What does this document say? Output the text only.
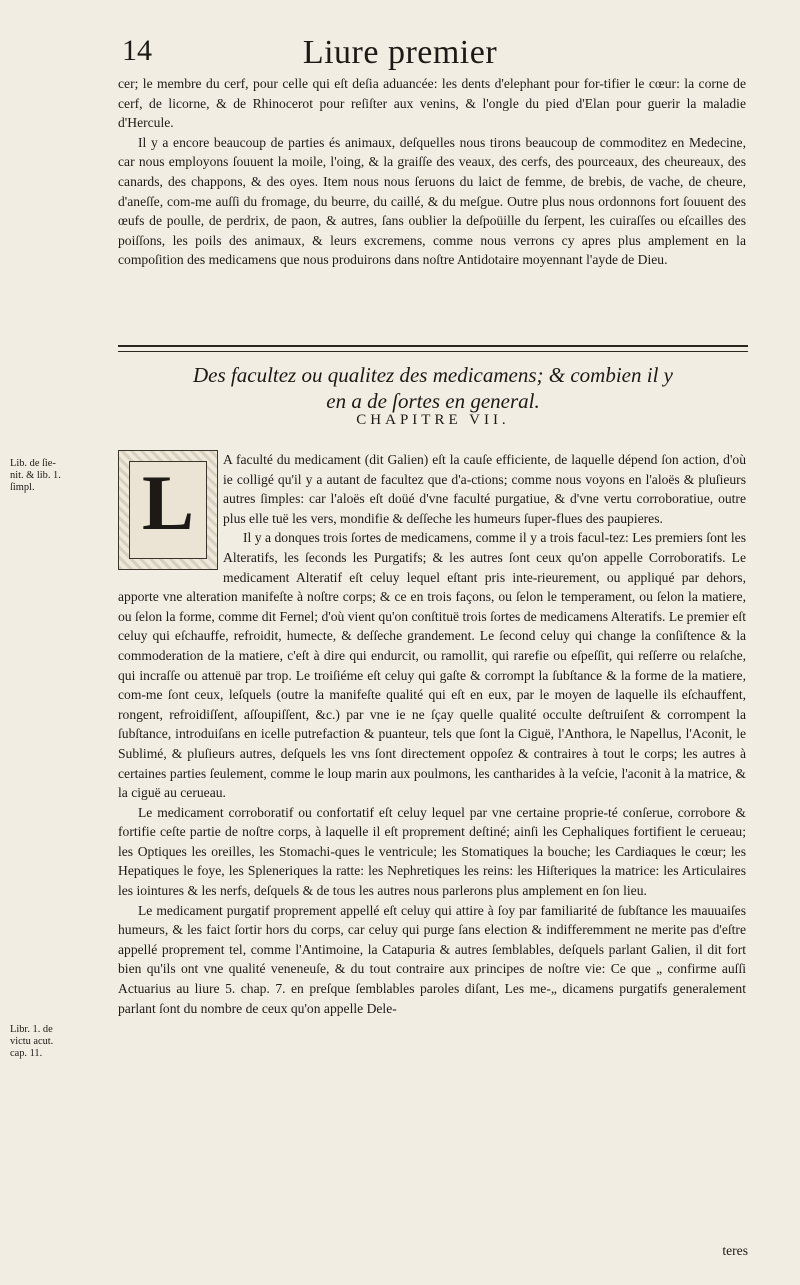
Liure premier
14

cer; le membre du cerf, pour celle qui eſt deſia aduancée: les dents d'elephant pour for-tifier le cœur: la corne de cerf, de licorne, & de Rhinocerot pour reſiſter aux venins, & l'ongle du pied d'Elan pour guerir la maladie d'Hercule.

Il y a encore beaucoup de parties és animaux, deſquelles nous tirons beaucoup de commoditez en Medecine, car nous employons ſouuent la moile, l'oing, & la graiſſe des veaux, des cerfs, des pourceaux, des cheureaux, des canards, des chappons, & des oyes. Item nous nous ſeruons du laict de femme, de brebis, de vache, de cheure, d'aneſſe, com-me auſſi du fromage, du beurre, du caillé, & du meſgue. Outre plus nous ordonnons fort ſouuent des œufs de poulle, de perdrix, de paon, & autres, ſans oublier la deſpoüille du ſerpent, les cuiraſſes ou eſcailles des poiſſons, les poils des animaux, & leurs excremens, comme nous verrons cy apres plus amplement en la compoſition des medicamens que nous produirons dans noſtre Antidotaire moyennant l'ayde de Dieu.

Des facultez ou qualitez des medicamens; & combien il y
en a de ſortes en general.
CHAPITRE VII.
Lib. de ſie-nit. & lib. 1. ſimpl.
Libr. 1. de victu acut. cap. 11.
L	A faculté du medicament (dit Galien) eſt la cauſe efficiente, de laquelle dépend ſon action, d'où ie colligé qu'il y a autant de facultez que d'a-ctions; comme nous voyons en l'aloës & pluſieurs autres ſimples: car l'aloës eſt doüé d'vne faculté purgatiue, & d'vne vertu corroboratiue, outre plus elle tuë les vers, mondifie & deſſeche les humeurs ſuper-flues des paupieres.

Il y a donques trois ſortes de medicamens, comme il y a trois facul-tez: Les premiers ſont les Alteratifs, les ſeconds les Purgatifs; & les autres ſont ceux qu'on appelle Corroboratifs. Le medicament Alteratif eſt celuy lequel eſtant pris inte-rieurement, ou appliqué par dehors, apporte vne alteration manifeſte à noſtre corps; & ce en trois façons, ou ſelon le temperament, ou ſelon la matiere, ou ſelon la forme, comme dit Fernel; d'où vient qu'on conſtituë trois ſortes de medicamens Alteratifs. Le premier eſt celuy qui eſchauffe, refroidit, humecte, & deſſeche grandement. Le ſecond celuy qui change la conſiſtence & la commoderation de la matiere, c'eſt à dire qui endurcit, ou ramollit, qui rarefie ou eſpeſſit, qui reſſerre ou relaſche, qui incraſſe ou attenuë par trop. Le troiſiéme eſt celuy qui gaſte & corrompt la ſubſtance & la forme de la matiere, com-me ſont ceux, leſquels (outre la manifeſte qualité qui eſt en eux, par le moyen de laquelle ils eſchauffent, rongent, refroidiſſent, aſſoupiſſent, &c.) par vne ie ne ſçay quelle qualité occulte deſtruiſent & corrompent la ſubſtance, introduiſans en icelle putrefaction & puanteur, tels que ſont la Ciguë, l'Anthora, le Napellus, l'Aconit, le Sublimé, & pluſieurs autres, deſquels les vns ſont directement oppoſez & contraires à tout le corps; les autres à certaines parties ſeulement, comme le loup marin aux poulmons, les cantharides à la veſcie, l'aconit à la matrice, & la ciguë au cerueau.

Le medicament corroboratif ou confortatif eſt celuy lequel par vne certaine proprie-té conſerue, corrobore & fortifie ceſte partie de noſtre corps, à laquelle il eſt proprement deſtiné; ainſi les Cephaliques fortifient le cerueau; les Optiques les oreilles, les Stomachi-ques le ventricule; les Stomatiques la bouche; les Cardiaques le cœur; les Hepatiques le foye, les Spleneriques la ratte: les Nephretiques les reins: les Hiſteriques la matrice: les Articulaires les iointures & les nerfs, deſquels & de tous les autres nous parlerons plus amplement en ſon lieu.

Le medicament purgatif proprement appellé eſt celuy qui attire à ſoy par familiarité de ſubſtance les mauuaiſes humeurs, & les faict ſortir hors du corps, car celuy qui purge ſans election & indifferemment ne merite pas d'eſtre appellé proprement tel, comme l'Antimoine, la Catapuria & autres ſemblables, deſquels parlant Galien, il dit fort bien qu'ils ont vne qualité veneneuſe, & du tout contraire aux principes de noſtre vie: Ce que „ confirme auſſi Actuarius au liure 5. chap. 7. en preſque ſemblables paroles diſant, Les me-„ dicamens purgatifs generalement parlant ſont du nombre de ceux qu'on appelle Dele-

teres
